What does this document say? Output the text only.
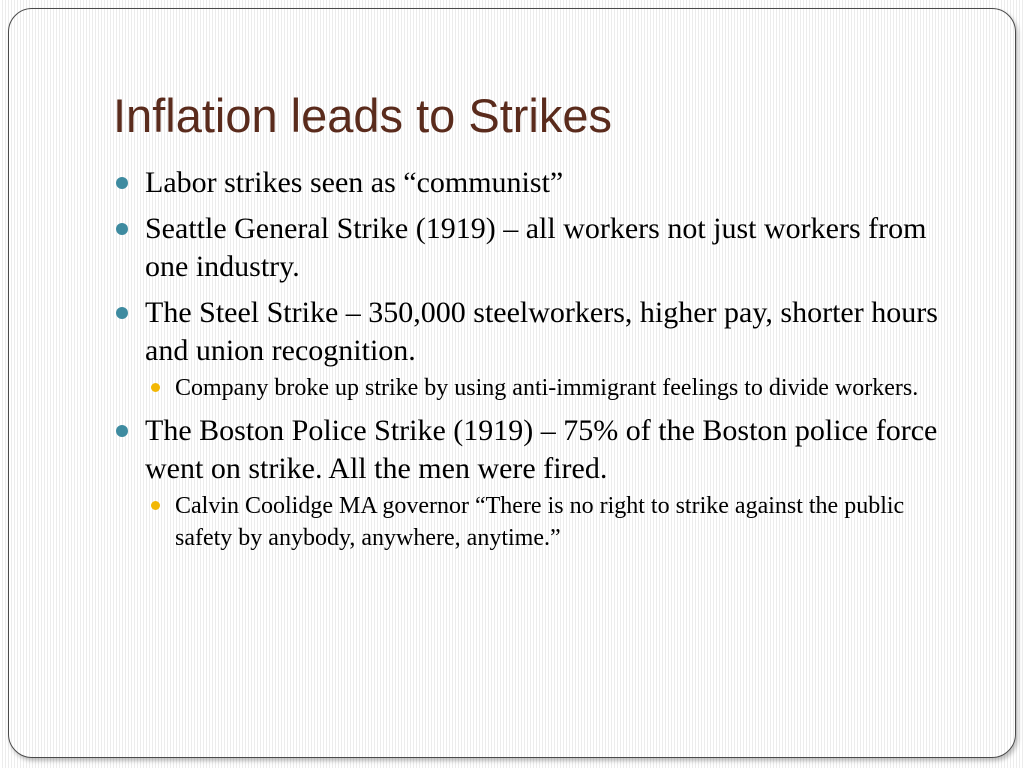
Inflation leads to Strikes
Labor strikes seen as “communist”
Seattle General Strike (1919) – all workers not just workers from one industry.
The Steel Strike – 350,000 steelworkers, higher pay, shorter hours and union recognition.
Company broke up strike by using anti-immigrant feelings to divide workers.
The Boston Police Strike (1919) – 75% of the Boston police force went on strike. All the men were fired.
Calvin Coolidge MA governor “There is no right to strike against the public safety by anybody, anywhere, anytime.”
